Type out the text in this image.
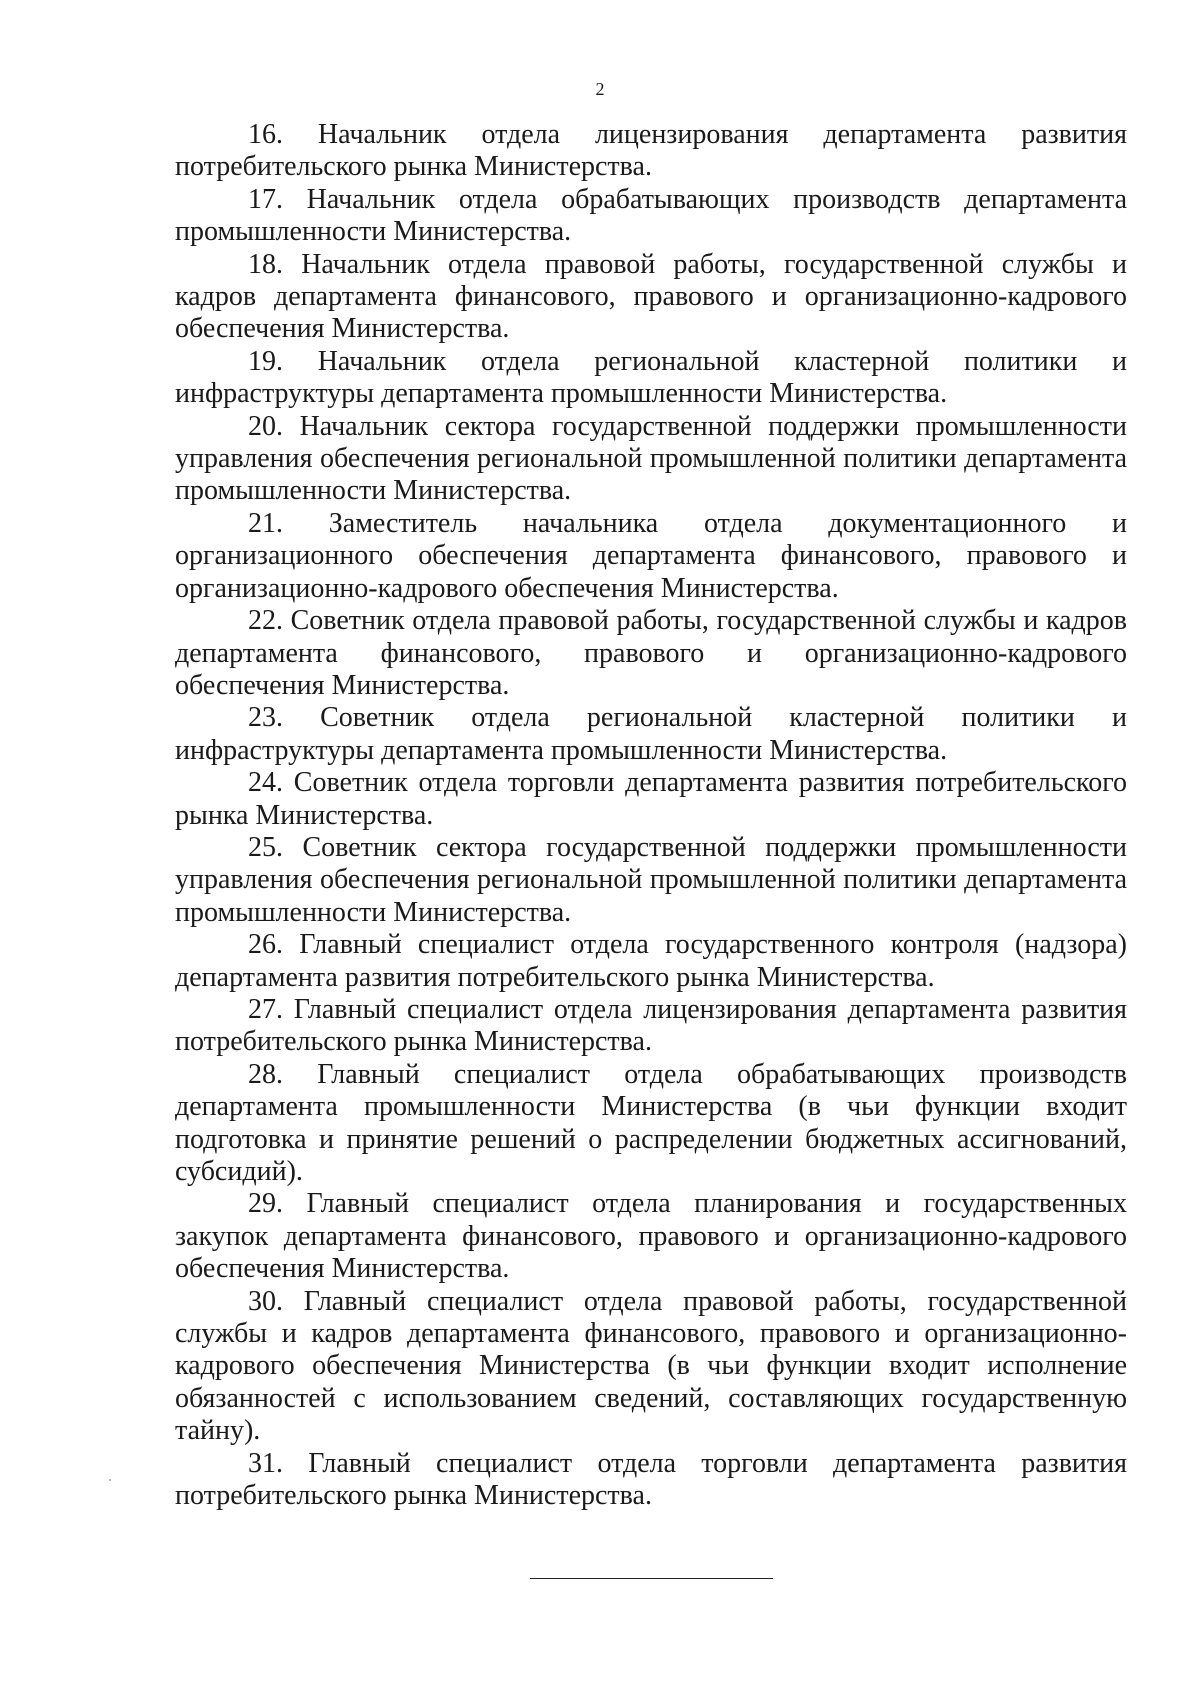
2

16. Начальник отдела лицензирования департамента развития потребительского рынка Министерства.

17. Начальник отдела обрабатывающих производств департамента промышленности Министерства.

18. Начальник отдела правовой работы, государственной службы и кадров департамента финансового, правового и организационно-кадрового обеспечения Министерства.

19. Начальник отдела региональной кластерной политики и инфраструктуры департамента промышленности Министерства.

20. Начальник сектора государственной поддержки промышленности управления обеспечения региональной промышленной политики департамента промышленности Министерства.

21. Заместитель начальника отдела документационного и организационного обеспечения департамента финансового, правового и организационно-кадрового обеспечения Министерства.

22. Советник отдела правовой работы, государственной службы и кадров департамента финансового, правового и организационно-кадрового обеспечения Министерства.

23. Советник отдела региональной кластерной политики и инфраструктуры департамента промышленности Министерства.

24. Советник отдела торговли департамента развития потребительского рынка Министерства.

25. Советник сектора государственной поддержки промышленности управления обеспечения региональной промышленной политики департамента промышленности Министерства.

26. Главный специалист отдела государственного контроля (надзора) департамента развития потребительского рынка Министерства.

27. Главный специалист отдела лицензирования департамента развития потребительского рынка Министерства.

28. Главный специалист отдела обрабатывающих производств департамента промышленности Министерства (в чьи функции входит подготовка и принятие решений о распределении бюджетных ассигнований, субсидий).

29. Главный специалист отдела планирования и государственных закупок департамента финансового, правового и организационно-кадрового обеспечения Министерства.

30. Главный специалист отдела правовой работы, государственной службы и кадров департамента финансового, правового и организационно-кадрового обеспечения Министерства (в чьи функции входит исполнение обязанностей с использованием сведений, составляющих государственную тайну).

31. Главный специалист отдела торговли департамента развития потребительского рынка Министерства.
